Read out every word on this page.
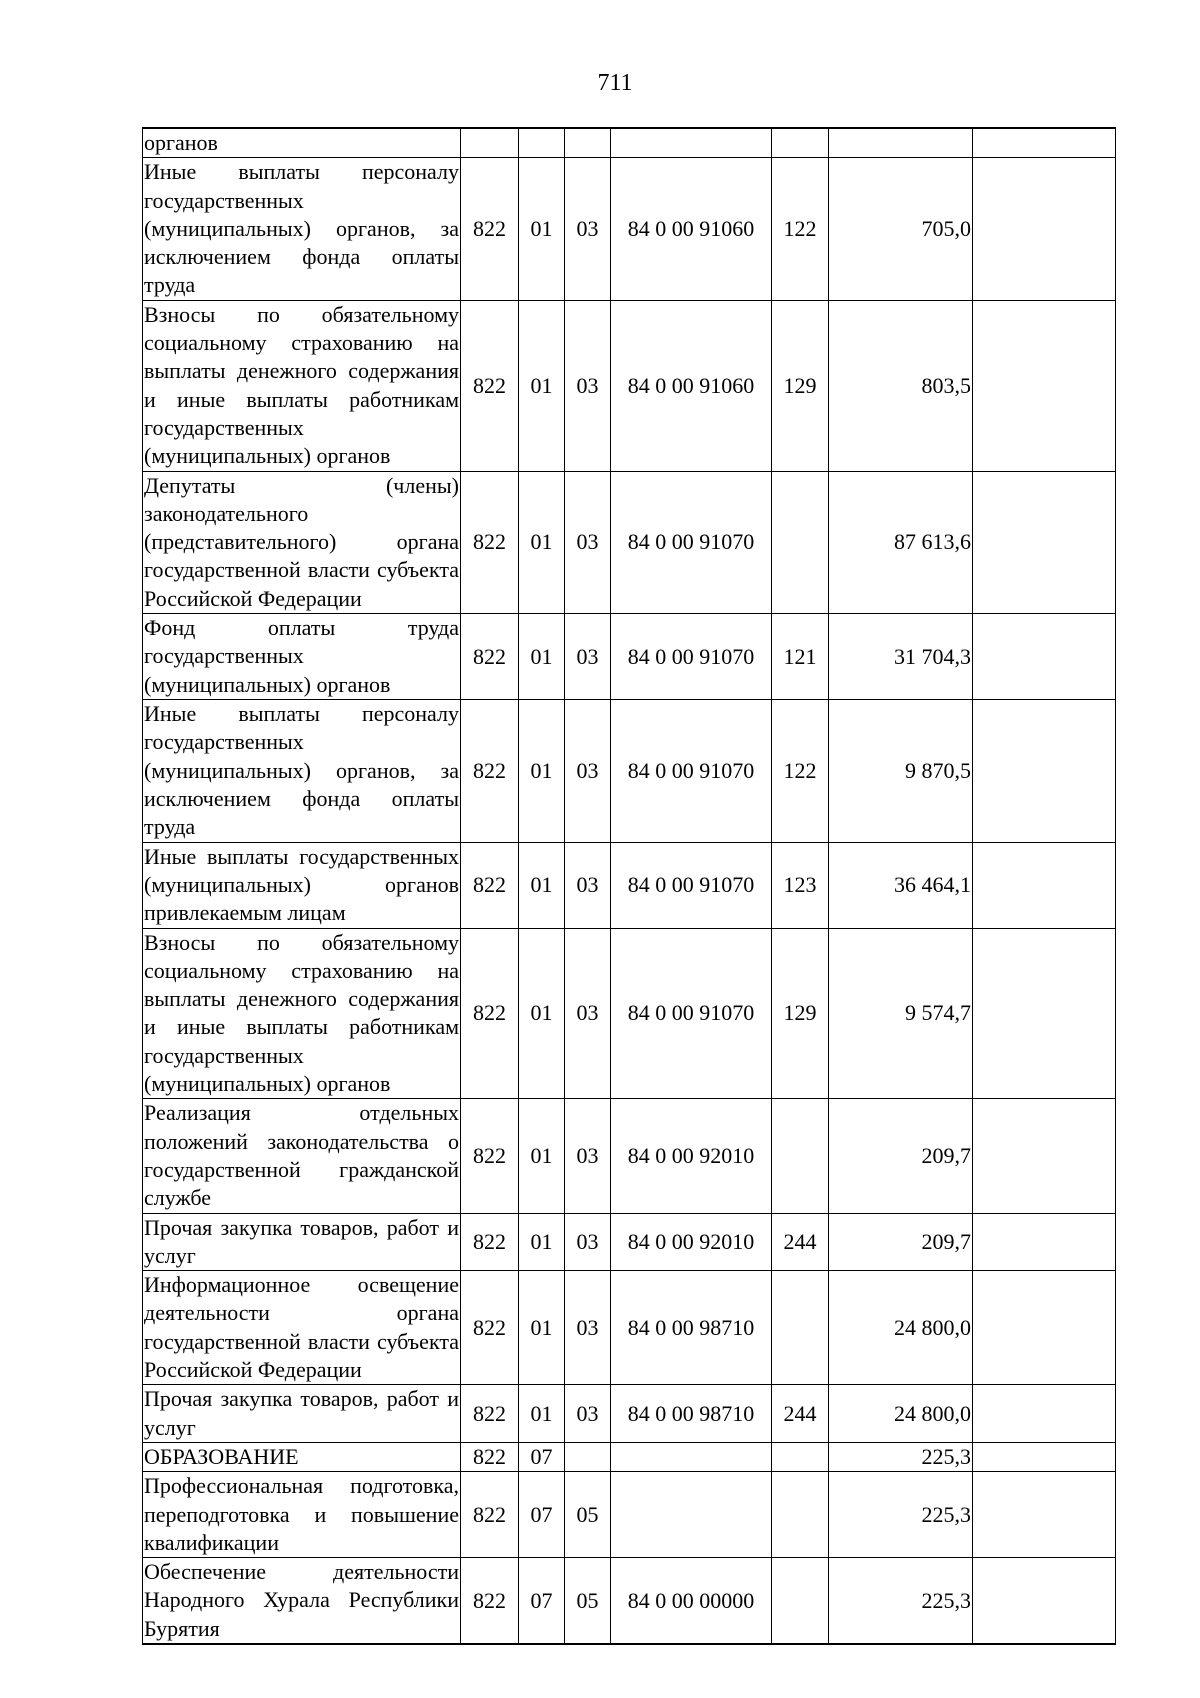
711
органов							
Иные выплаты персоналу государственных (муниципальных) органов, за исключением фонда оплаты труда	822	01	03	84 0 00 91060	122	705,0	
Взносы по обязательному социальному страхованию на выплаты денежного содержания и иные выплаты работникам государственных (муниципальных) органов	822	01	03	84 0 00 91060	129	803,5	
Депутаты (члены) законодательного (представительного) органа государственной власти субъекта Российской Федерации	822	01	03	84 0 00 91070		87 613,6	
Фонд оплаты труда государственных (муниципальных) органов	822	01	03	84 0 00 91070	121	31 704,3	
Иные выплаты персоналу государственных (муниципальных) органов, за исключением фонда оплаты труда	822	01	03	84 0 00 91070	122	9 870,5	
Иные выплаты государственных (муниципальных) органов привлекаемым лицам	822	01	03	84 0 00 91070	123	36 464,1	
Взносы по обязательному социальному страхованию на выплаты денежного содержания и иные выплаты работникам государственных (муниципальных) органов	822	01	03	84 0 00 91070	129	9 574,7	
Реализация отдельных положений законодательства о государственной гражданской службе	822	01	03	84 0 00 92010		209,7	
Прочая закупка товаров, работ и услуг	822	01	03	84 0 00 92010	244	209,7	
Информационное освещение деятельности органа государственной власти субъекта Российской Федерации	822	01	03	84 0 00 98710		24 800,0	
Прочая закупка товаров, работ и услуг	822	01	03	84 0 00 98710	244	24 800,0	
ОБРАЗОВАНИЕ	822	07				225,3	
Профессиональная подготовка, переподготовка и повышение квалификации	822	07	05			225,3	
Обеспечение деятельности Народного Хурала Республики Бурятия	822	07	05	84 0 00 00000		225,3	
